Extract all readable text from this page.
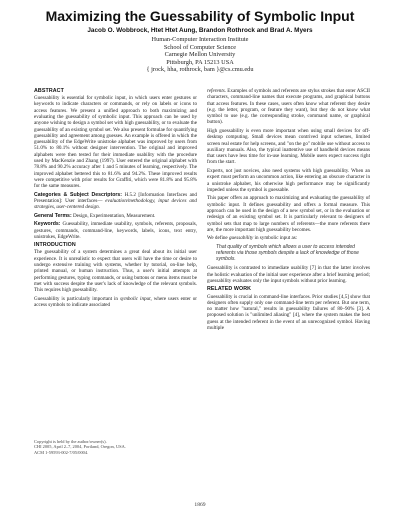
Maximizing the Guessability of Symbolic Input
Jacob O. Wobbrock, Htet Htet Aung, Brandon Rothrock and Brad A. Myers
Human-Computer Interaction Institute
School of Computer Science
Carnegie Mellon University
Pittsburgh, PA 15213 USA
{ jrock, hha, rothrock, bam }@cs.cmu.edu
ABSTRACT

Guessability is essential for symbolic input, in which users enter gestures or keywords to indicate characters or commands, or rely on labels or icons to access features. We present a unified approach to both maximizing and evaluating the guessability of symbolic input. This approach can be used by anyone wishing to design a symbol set with high guessability, or to evaluate the guessability of an existing symbol set. We also present formulae for quantifying guessability and agreement among guesses. An example is offered in which the guessability of the EdgeWrite unistroke alphabet was improved by users from 51.0% to 80.1% without designer intervention. The original and improved alphabets were then tested for their immediate usability with the procedure used by MacKenzie and Zhang (1997). User entered the original alphabet with 78.8% and 90.2% accuracy after 1 and 5 minutes of learning, respectively. The improved alphabet bettered this to 81.6% and 94.2%. These improved results were competitive with prior results for Graffiti, which were 81.8% and 95.8% for the same measures.

Categories & Subject Descriptors: H.5.2 [Information Interfaces and Presentation]: User interfaces— evaluation/methodology, input devices and strategies, user-centered design.

General Terms: Design, Experimentation, Measurement.

Keywords: Guessability, immediate usability, symbols, referents, proposals, gestures, commands, command-line, keywords, labels, icons, text entry, unistrokes, EdgeWrite.

INTRODUCTION

The guessability of a system determines a great deal about its initial user experience. It is unrealistic to expect that users will have the time or desire to undergo extensive training with systems, whether by tutorial, on-line help, printed manual, or human instruction. Thus, a user's initial attempts at performing gestures, typing commands, or using buttons or menu items must be met with success despite the user's lack of knowledge of the relevant symbols. This requires high guessability.

Guessability is particularly important in symbolic input, where users enter or access symbols to indicate associated

Copyright is held by the author/owner(s).
CHI 2005, April 2–7, 2004, Portland, Oregon, USA.
ACM 1-59593-002-7/05/0004.

referents. Examples of symbols and referents are stylus strokes that enter ASCII characters, command-line names that execute programs, and graphical buttons that access features. In these cases, users often know what referent they desire (e.g. the letter, program, or feature they want), but they do not know what symbol to use (e.g. the corresponding stroke, command name, or graphical button).

High guessability is even more important when using small devices for off-desktop computing. Small devices mean contrived input schemes, limited screen real estate for help screens, and "on the go" mobile use without access to auxiliary manuals. Also, the typical inattentive use of handheld devices means that users have less time for in-use learning. Mobile users expect success right from the start.

Experts, not just novices, also need systems with high guessability. When an expert must perform an uncommon action, like entering an obscure character in a unistroke alphabet, his otherwise high performance may be significantly impeded unless the symbol is guessable.

This paper offers an approach to maximizing and evaluating the guessability of symbolic input. It defines guessability and offers a formal measure. This approach can be used in the design of a new symbol set, or in the evaluation or redesign of an existing symbol set. It is particularly relevant to designers of symbol sets that map to large numbers of referents—the more referents there are, the more important high guessability becomes.

We define guessability in symbolic input as:

That quality of symbols which allows a user to access intended referents via those symbols despite a lack of knowledge of those symbols.

Guessability is contrasted to immediate usability [7] in that the latter involves the holistic evaluation of the initial user experience after a brief learning period; guessability evaluates only the input symbols without prior learning.

RELATED WORK

Guessability is crucial in command-line interfaces. Prior studies [4,5] show that designers often supply only one command-line term per referent. But one term, no matter how "natural," results in guessability failures of 80–90% [3]. A proposed solution is "unlimited aliasing" [4], where the system makes the best guess at the intended referent in the event of an unrecognized symbol. Having multiple

1869
